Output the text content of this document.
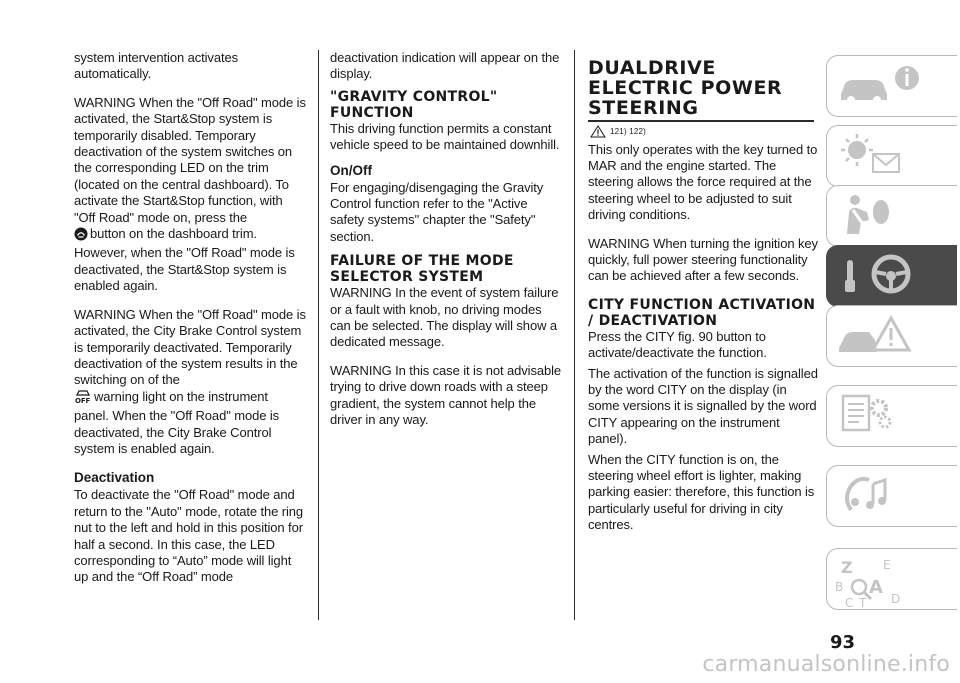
system intervention activates automatically.

WARNING When the "Off Road" mode is activated, the Start&Stop system is temporarily disabled. Temporary deactivation of the system switches on the corresponding LED on the trim (located on the central dashboard). To activate the Start&Stop function, with "Off Road" mode on, press the
button on the dashboard trim. However, when the "Off Road" mode is deactivated, the Start&Stop system is enabled again.

WARNING When the "Off Road" mode is activated, the City Brake Control system is temporarily deactivated. Temporarily deactivation of the system results in the switching on of the

OFF warning light on the instrument panel. When the "Off Road" mode is deactivated, the City Brake Control system is enabled again.

Deactivation

To deactivate the "Off Road" mode and return to the "Auto" mode, rotate the ring nut to the left and hold in this position for half a second. In this case, the LED corresponding to “Auto” mode will light up and the “Off Road” mode

deactivation indication will appear on the display.

"GRAVITY CONTROL" FUNCTION

This driving function permits a constant vehicle speed to be maintained downhill.

On/Off

For engaging/disengaging the Gravity Control function refer to the "Active safety systems" chapter the "Safety" section.

FAILURE OF THE MODE SELECTOR SYSTEM

WARNING In the event of system failure or a fault with knob, no driving modes can be selected. The display will show a dedicated message.

WARNING In this case it is not advisable trying to drive down roads with a steep gradient, the system cannot help the driver in any way.

DUALDRIVE ELECTRIC POWER STEERING
121) 122)

This only operates with the key turned to MAR and the engine started. The steering allows the force required at the steering wheel to be adjusted to suit driving conditions.

WARNING When turning the ignition key quickly, full power steering functionality can be achieved after a few seconds.

CITY FUNCTION ACTIVATION / DEACTIVATION

Press the CITY fig. 90 button to activate/deactivate the function.

The activation of the function is signalled by the word CITY on the display (in some versions it is signalled by the word CITY appearing on the instrument panel).

When the CITY function is on, the steering wheel effort is lighter, making parking easier: therefore, this function is particularly useful for driving in city centres.

Z	E
B A
C T D
93
carmanualsonline.info
